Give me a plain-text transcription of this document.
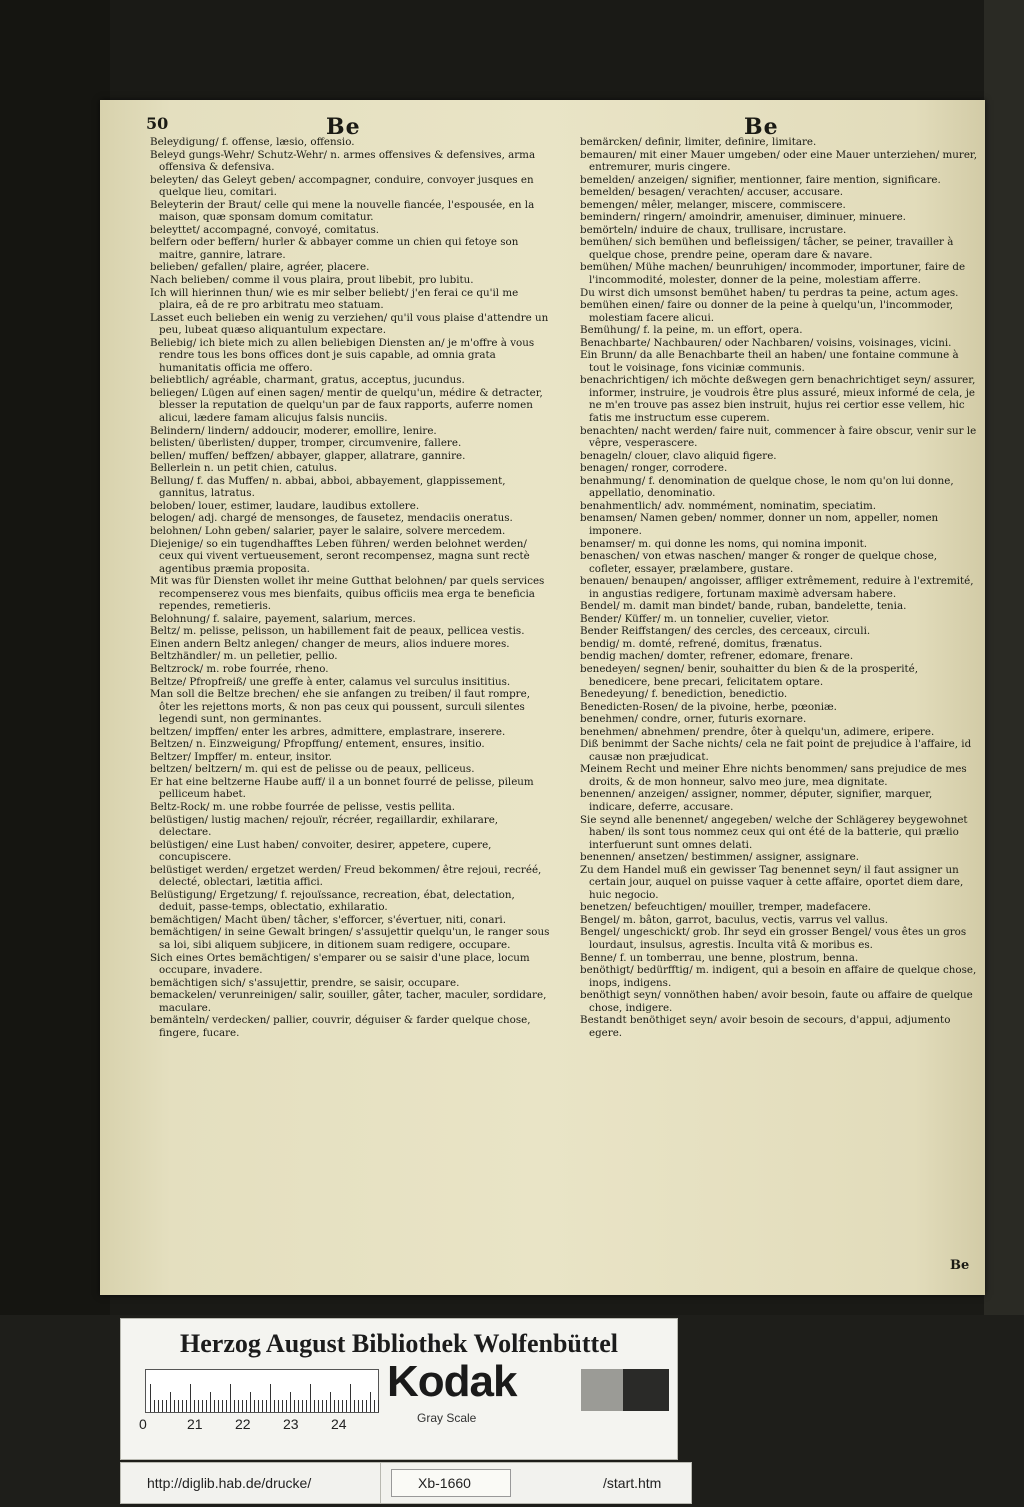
50	Be	Be

Beleydigung/ f. offense, læsio, offensio.

Beleyd gungs-Wehr/ Schutz-Wehr/ n. armes offensives & defensives, arma offensiva & defensiva.

beleyten/ das Geleyt geben/ accompagner, conduire, convoyer jusques en quelque lieu, comitari.

Beleyterin der Braut/ celle qui mene la nouvelle fiancée, l'espousée, en la maison, quæ sponsam domum comitatur.

beleyttet/ accompagné, convoyé, comitatus.

belfern oder beffern/ hurler & abbayer comme un chien qui fetoye son maitre, gannire, latrare.

belieben/ gefallen/ plaire, agréer, placere.

Nach belieben/ comme il vous plaira, prout libebit, pro lubitu.

Ich will hierinnen thun/ wie es mir selber beliebt/ j'en ferai ce qu'il me plaira, eâ de re pro arbitratu meo statuam.

Lasset euch belieben ein wenig zu verziehen/ qu'il vous plaise d'attendre un peu, lubeat quæso aliquantulum expectare.

Beliebig/ ich biete mich zu allen beliebigen Diensten an/ je m'offre à vous rendre tous les bons offices dont je suis capable, ad omnia grata humanitatis officia me offero.

beliebtlich/ agréable, charmant, gratus, acceptus, jucundus.

beliegen/ Lügen auf einen sagen/ mentir de quelqu'un, médire & detracter, blesser la reputation de quelqu'un par de faux rapports, auferre nomen alicui, lædere famam alicujus falsis nunciis.

Belindern/ lindern/ addoucir, moderer, emollire, lenire.

belisten/ überlisten/ dupper, tromper, circumvenire, fallere.

bellen/ muffen/ beffzen/ abbayer, glapper, allatrare, gannire.

Bellerlein n. un petit chien, catulus.

Bellung/ f. das Muffen/ n. abbai, abboi, abbayement, glappissement, gannitus, latratus.

beloben/ louer, estimer, laudare, laudibus extollere.

belogen/ adj. chargé de mensonges, de fausetez, mendaciis oneratus.

belohnen/ Lohn geben/ salarier, payer le salaire, solvere mercedem.

Diejenige/ so ein tugendhafftes Leben führen/ werden belohnet werden/ ceux qui vivent vertueusement, seront recompensez, magna sunt rectè agentibus præmia proposita.

Mit was für Diensten wollet ihr meine Gutthat belohnen/ par quels services recompenserez vous mes bienfaits, quibus officiis mea erga te beneficia rependes, remetieris.

Belohnung/ f. salaire, payement, salarium, merces.

Beltz/ m. pelisse, pelisson, un habillement fait de peaux, pellicea vestis.

Einen andern Beltz anlegen/ changer de meurs, alios induere mores.

Beltzhändler/ m. un pelletier, pellio.

Beltzrock/ m. robe fourrée, rheno.

Beltze/ Pfropfreiß/ une greffe à enter, calamus vel surculus insititius.

Man soll die Beltze brechen/ ehe sie anfangen zu treiben/ il faut rompre, ôter les rejettons morts, & non pas ceux qui poussent, surculi silentes legendi sunt, non germinantes.

beltzen/ impffen/ enter les arbres, admittere, emplastrare, inserere.

Beltzen/ n. Einzweigung/ Pfropffung/ entement, ensures, insitio.

Beltzer/ Impffer/ m. enteur, insitor.

beltzen/ beltzern/ m. qui est de pelisse ou de peaux, pelliceus.

Er hat eine beltzerne Haube auff/ il a un bonnet fourré de pelisse, pileum pelliceum habet.

Beltz-Rock/ m. une robbe fourrée de pelisse, vestis pellita.

belüstigen/ lustig machen/ rejouïr, récréer, regaillardir, exhilarare, delectare.

belüstigen/ eine Lust haben/ convoiter, desirer, appetere, cupere, concupiscere.

belüstiget werden/ ergetzet werden/ Freud bekommen/ être rejoui, recréé, delecté, oblectari, lætitia affici.

Belüstigung/ Ergetzung/ f. rejouïssance, recreation, ébat, delectation, deduit, passe-temps, oblectatio, exhilaratio.

bemächtigen/ Macht üben/ tâcher, s'efforcer, s'évertuer, niti, conari.

bemächtigen/ in seine Gewalt bringen/ s'assujettir quelqu'un, le ranger sous sa loi, sibi aliquem subjicere, in ditionem suam redigere, occupare.

Sich eines Ortes bemächtigen/ s'emparer ou se saisir d'une place, locum occupare, invadere.

bemächtigen sich/ s'assujettir, prendre, se saisir, occupare.

bemackelen/ verunreinigen/ salir, souiller, gâter, tacher, maculer, sordidare, maculare.

bemänteln/ verdecken/ pallier, couvrir, déguiser & farder quelque chose, fingere, fucare.

bemärcken/ definir, limiter, definire, limitare.

bemauren/ mit einer Mauer umgeben/ oder eine Mauer unterziehen/ murer, entremurer, muris cingere.

bemelden/ anzeigen/ signifier, mentionner, faire mention, significare.

bemelden/ besagen/ verachten/ accuser, accusare.

bemengen/ mêler, melanger, miscere, commiscere.

bemindern/ ringern/ amoindrir, amenuiser, diminuer, minuere.

bemörteln/ induire de chaux, trullisare, incrustare.

bemühen/ sich bemühen und befleissigen/ tâcher, se peiner, travailler à quelque chose, prendre peine, operam dare & navare.

bemühen/ Mühe machen/ beunruhigen/ incommoder, importuner, faire de l'incommodité, molester, donner de la peine, molestiam afferre.

Du wirst dich umsonst bemühet haben/ tu perdras ta peine, actum ages.

bemühen einen/ faire ou donner de la peine à quelqu'un, l'incommoder, molestiam facere alicui.

Bemühung/ f. la peine, m. un effort, opera.

Benachbarte/ Nachbauren/ oder Nachbaren/ voisins, voisinages, vicini.

Ein Brunn/ da alle Benachbarte theil an haben/ une fontaine commune à tout le voisinage, fons viciniæ communis.

benachrichtigen/ ich möchte deßwegen gern benachrichtiget seyn/ assurer, informer, instruire, je voudrois être plus assuré, mieux informé de cela, je ne m'en trouve pas assez bien instruit, hujus rei certior esse vellem, hic fatis me instructum esse cuperem.

benachten/ nacht werden/ faire nuit, commencer à faire obscur, venir sur le vêpre, vesperascere.

benageln/ clouer, clavo aliquid figere.

benagen/ ronger, corrodere.

benahmung/ f. denomination de quelque chose, le nom qu'on lui donne, appellatio, denominatio.

benahmentlich/ adv. nommément, nominatim, speciatim.

benamsen/ Namen geben/ nommer, donner un nom, appeller, nomen imponere.

benamser/ m. qui donne les noms, qui nomina imponit.

benaschen/ von etwas naschen/ manger & ronger de quelque chose, cofleter, essayer, prælambere, gustare.

benauen/ benaupen/ angoisser, affliger extrêmement, reduire à l'extremité, in angustias redigere, fortunam maximè adversam habere.

Bendel/ m. damit man bindet/ bande, ruban, bandelette, tenia.

Bender/ Küffer/ m. un tonnelier, cuvelier, vietor.

Bender Reiffstangen/ des cercles, des cerceaux, circuli.

bendig/ m. domté, refrené, domitus, frænatus.

bendig machen/ domter, refrener, edomare, frenare.

benedeyen/ segnen/ benir, souhaitter du bien & de la prosperité, benedicere, bene precari, felicitatem optare.

Benedeyung/ f. benediction, benedictio.

Benedicten-Rosen/ de la pivoine, herbe, pœoniæ.

benehmen/ condre, orner, futuris exornare.

benehmen/ abnehmen/ prendre, ôter à quelqu'un, adimere, eripere.

Diß benimmt der Sache nichts/ cela ne fait point de prejudice à l'affaire, id causæ non præjudicat.

Meinem Recht und meiner Ehre nichts benommen/ sans prejudice de mes droits, & de mon honneur, salvo meo jure, mea dignitate.

benennen/ anzeigen/ assigner, nommer, députer, signifier, marquer, indicare, deferre, accusare.

Sie seynd alle benennet/ angegeben/ welche der Schlägerey beygewohnet haben/ ils sont tous nommez ceux qui ont été de la batterie, qui prælio interfuerunt sunt omnes delati.

benennen/ ansetzen/ bestimmen/ assigner, assignare.

Zu dem Handel muß ein gewisser Tag benennet seyn/ il faut assigner un certain jour, auquel on puisse vaquer à cette affaire, oportet diem dare, huic negocio.

benetzen/ befeuchtigen/ mouiller, tremper, madefacere.

Bengel/ m. bâton, garrot, baculus, vectis, varrus vel vallus.

Bengel/ ungeschickt/ grob. Ihr seyd ein grosser Bengel/ vous êtes un gros lourdaut, insulsus, agrestis. Inculta vitâ & moribus es.

Benne/ f. un tomberrau, une benne, plostrum, benna.

benöthigt/ bedürfftig/ m. indigent, qui a besoin en affaire de quelque chose, inops, indigens.

benöthigt seyn/ vonnöthen haben/ avoir besoin, faute ou affaire de quelque chose, indigere.

Bestandt benöthiget seyn/ avoir besoin de secours, d'appui, adjumento egere.

Be
Herzog August Bibliothek Wolfenbüttel
0	21 22 23 24
Kodak
Gray Scale
http://diglib.hab.de/drucke/	Xb-1660	/start.htm
